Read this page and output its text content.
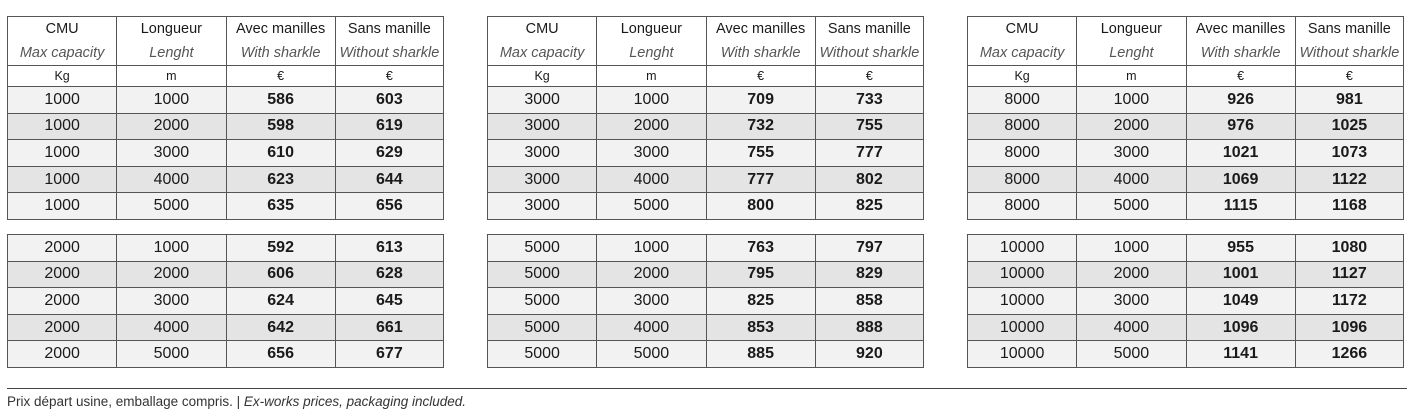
CMU	Longueur	Avec manilles	Sans manille
Max capacity	Lenght	With sharkle	Without sharkle
Kg	m	€	€
1000	1000	586	603
1000	2000	598	619
1000	3000	610	629
1000	4000	623	644
1000	5000	635	656
2000	1000	592	613
2000	2000	606	628
2000	3000	624	645
2000	4000	642	661
2000	5000	656	677
CMU	Longueur	Avec manilles	Sans manille
Max capacity	Lenght	With sharkle	Without sharkle
Kg	m	€	€
3000	1000	709	733
3000	2000	732	755
3000	3000	755	777
3000	4000	777	802
3000	5000	800	825
5000	1000	763	797
5000	2000	795	829
5000	3000	825	858
5000	4000	853	888
5000	5000	885	920
CMU	Longueur	Avec manilles	Sans manille
Max capacity	Lenght	With sharkle	Without sharkle
Kg	m	€	€
8000	1000	926	981
8000	2000	976	1025
8000	3000	1021	1073
8000	4000	1069	1122
8000	5000	1115	1168
10000	1000	955	1080
10000	2000	1001	1127
10000	3000	1049	1172
10000	4000	1096	1096
10000	5000	1141	1266
Prix départ usine, emballage compris. | Ex-works prices, packaging included.
